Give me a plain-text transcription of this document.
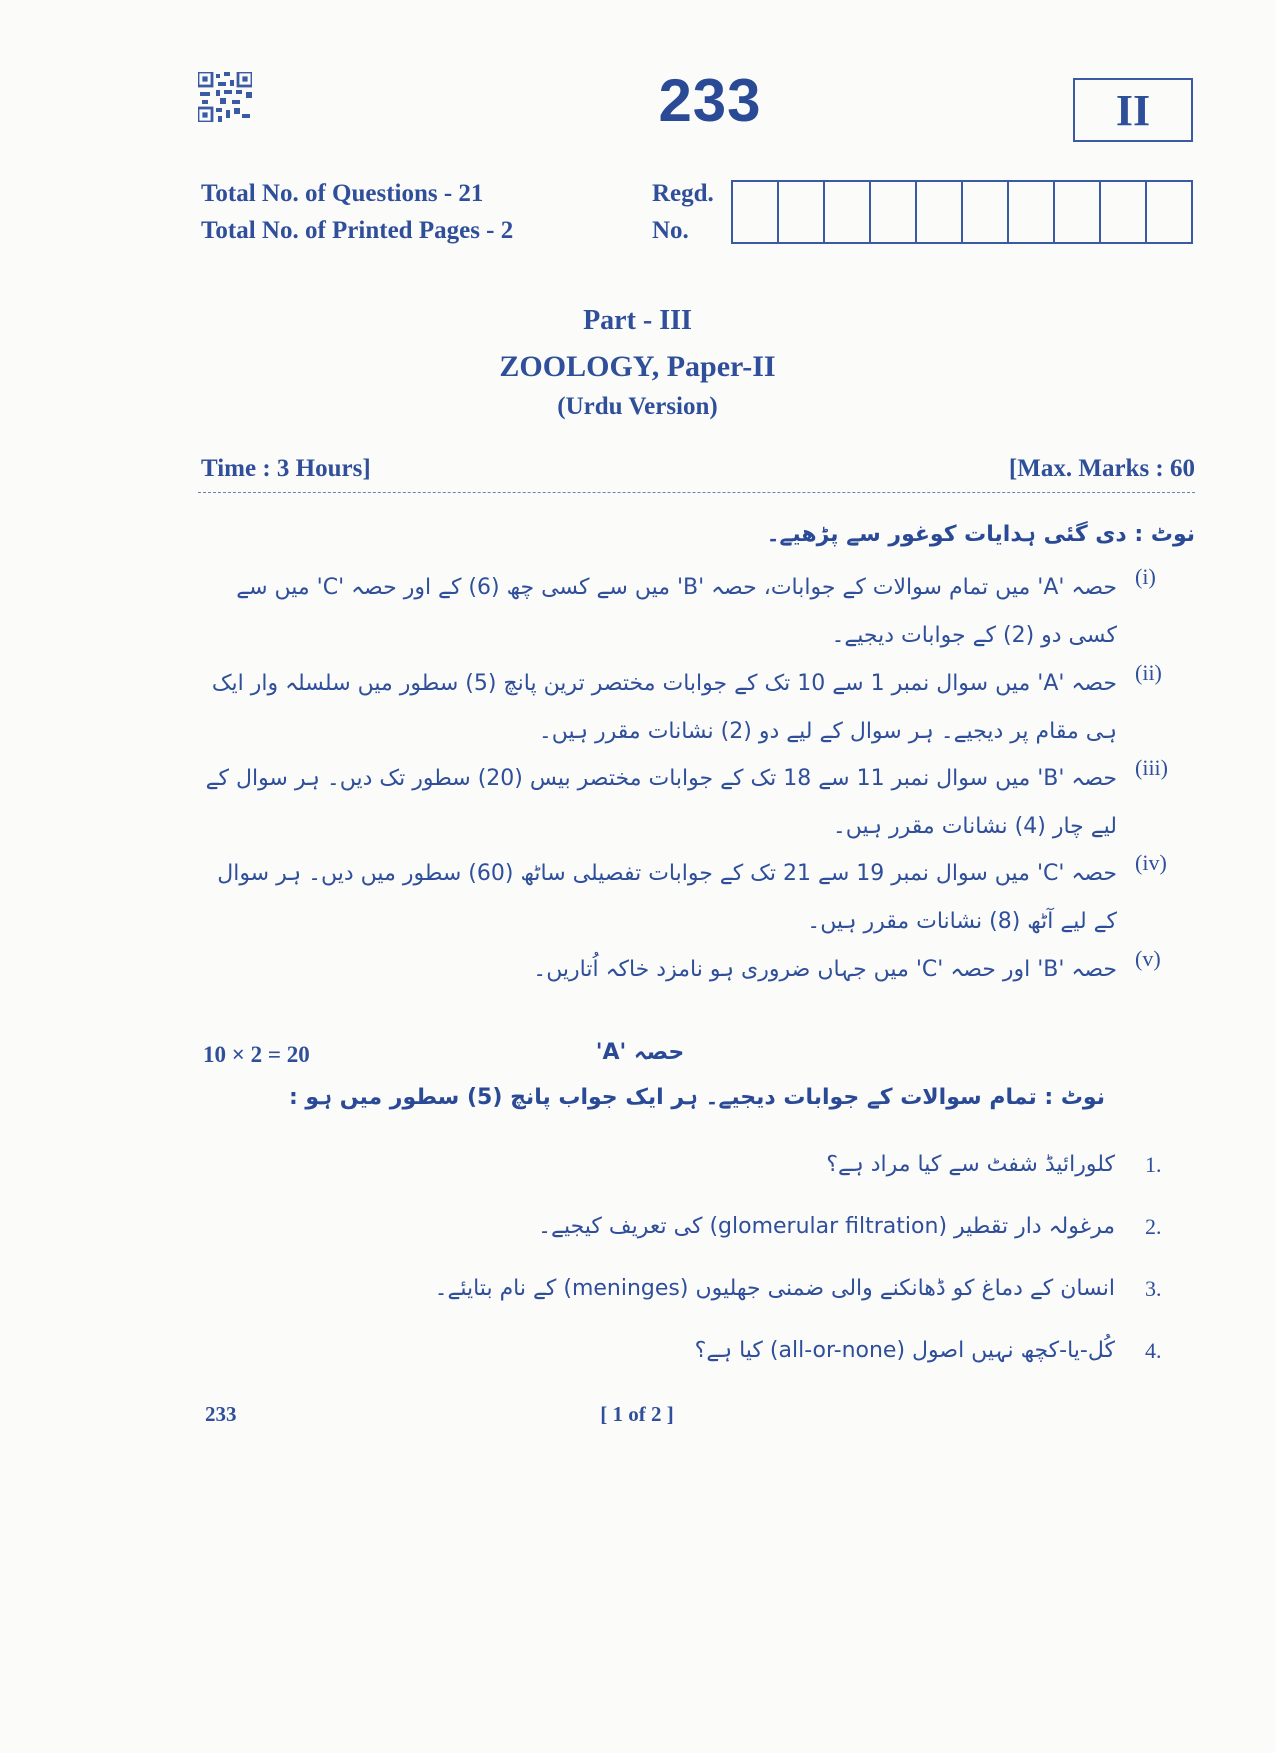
233	II
Total No. of Questions - 21
Total No. of Printed Pages - 2
Regd.
No.
Part - III
ZOOLOGY, Paper-II
(Urdu Version)
Time : 3 Hours]	[Max. Marks : 60
نوٹ : دی گئی ہدایات کوغور سے پڑھیے۔
(i)
حصہ 'A' میں تمام سوالات کے جوابات، حصہ 'B' میں سے کسی چھ (6) کے اور حصہ 'C' میں سے کسی دو (2) کے جوابات دیجیے۔
(ii)
حصہ 'A' میں سوال نمبر 1 سے 10 تک کے جوابات مختصر ترین پانچ (5) سطور میں سلسلہ وار ایک ہی مقام پر دیجیے۔ ہر سوال کے لیے دو (2) نشانات مقرر ہیں۔
(iii)
حصہ 'B' میں سوال نمبر 11 سے 18 تک کے جوابات مختصر بیس (20) سطور تک دیں۔ ہر سوال کے لیے چار (4) نشانات مقرر ہیں۔
(iv)
حصہ 'C' میں سوال نمبر 19 سے 21 تک کے جوابات تفصیلی ساٹھ (60) سطور میں دیں۔ ہر سوال کے لیے آٹھ (8) نشانات مقرر ہیں۔
(v)
حصہ 'B' اور حصہ 'C' میں جہاں ضروری ہو نامزد خاکہ اُتاریں۔
10 × 2 = 20	حصہ 'A'
نوٹ : تمام سوالات کے جوابات دیجیے۔ ہر ایک جواب پانچ (5) سطور میں ہو :
1.
کلورائیڈ شفٹ سے کیا مراد ہے؟
2.
مرغولہ دار تقطیر (glomerular filtration) کی تعریف کیجیے۔
3.
انسان کے دماغ کو ڈھانکنے والی ضمنی جھلیوں (meninges) کے نام بتایئے۔
4.
کُل-یا-کچھ نہیں اصول (all-or-none) کیا ہے؟
233	[ 1 of 2 ]
